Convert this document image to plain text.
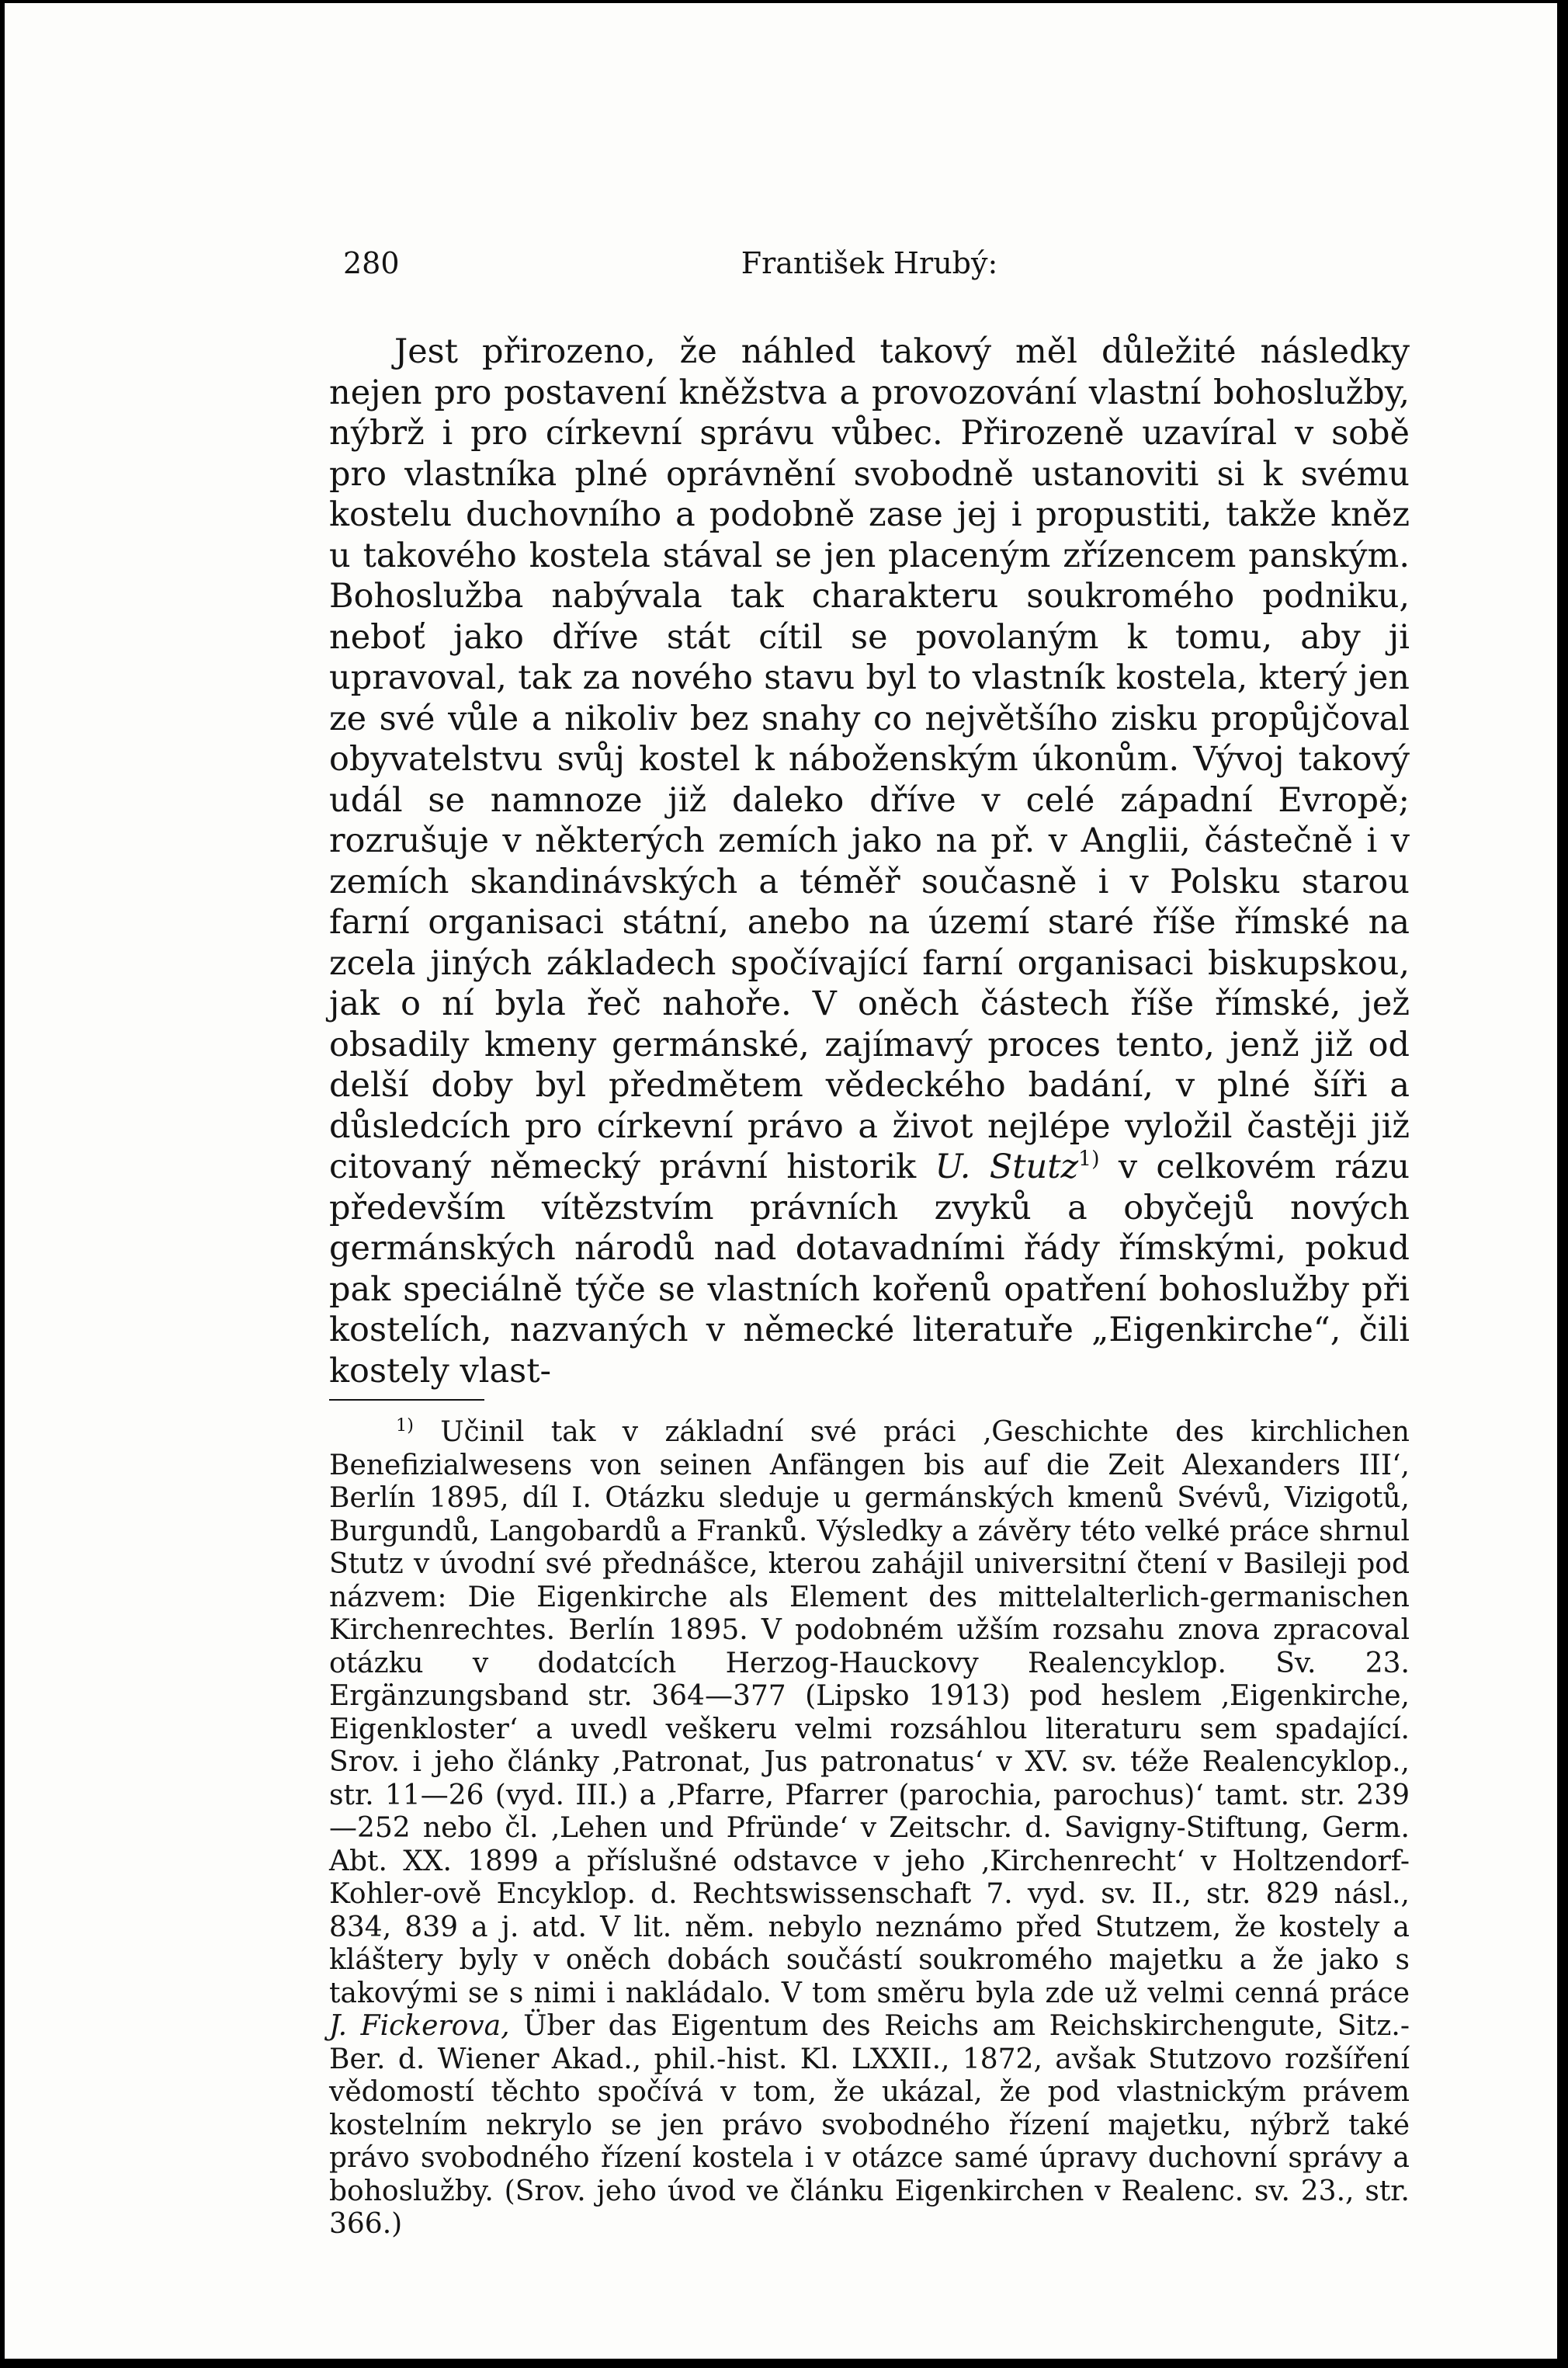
280	František Hrubý:

Jest přirozeno, že náhled takový měl důležité následky nejen pro postavení kněžstva a provozování vlastní bohoslužby, nýbrž i pro církevní správu vůbec. Přirozeně uzavíral v sobě pro vlastníka plné oprávnění svobodně ustanoviti si k svému kostelu duchovního a podobně zase jej i propustiti, takže kněz u takového kostela stával se jen placeným zřízencem panským. Bohoslužba nabývala tak charakteru soukromého podniku, neboť jako dříve stát cítil se povolaným k tomu, aby ji upravoval, tak za nového stavu byl to vlastník kostela, který jen ze své vůle a nikoliv bez snahy co největšího zisku propůjčoval obyvatelstvu svůj kostel k náboženským úkonům. Vývoj takový udál se namnoze již daleko dříve v celé západní Evropě; rozrušuje v některých zemích jako na př. v Anglii, částečně i v zemích skandinávských a téměř současně i v Polsku starou farní organisaci státní, anebo na území staré říše římské na zcela jiných základech spočívající farní organisaci biskupskou, jak o ní byla řeč nahoře. V oněch částech říše římské, jež obsadily kmeny germánské, zajímavý proces tento, jenž již od delší doby byl předmětem vědeckého badání, v plné šíři a důsledcích pro církevní právo a život nejlépe vyložil častěji již citovaný německý právní historik U. Stutz$^{1)}$ v celkovém rázu především vítězstvím právních zvyků a obyčejů nových germánských národů nad dotavadními řády římskými, pokud pak speciálně týče se vlastních kořenů opatření bohoslužby při kostelích, nazvaných v německé literatuře „Eigenkirche“, čili kostely vlast-

$^{1)}$ Učinil tak v základní své práci ‚Geschichte des kirchlichen Benefizialwesens von seinen Anfängen bis auf die Zeit Alexanders III‘, Berlín 1895, díl I. Otázku sleduje u germánských kmenů Svévů, Vizigotů, Burgundů, Langobardů a Franků. Výsledky a závěry této velké práce shrnul Stutz v úvodní své přednášce, kterou zahájil universitní čtení v Basileji pod názvem: Die Eigenkirche als Element des mittelalterlich-germanischen Kirchenrechtes. Berlín 1895. V podobném užším rozsahu znova zpracoval otázku v dodatcích Herzog-Hauckovy Realencyklop. Sv. 23. Ergänzungsband str. 364—377 (Lipsko 1913) pod heslem ‚Eigenkirche, Eigenkloster‘ a uvedl veškeru velmi rozsáhlou literaturu sem spadající. Srov. i jeho články ‚Patronat, Jus patronatus‘ v XV. sv. téže Realencyklop., str. 11—26 (vyd. III.) a ‚Pfarre, Pfarrer (parochia, parochus)‘ tamt. str. 239—252 nebo čl. ‚Lehen und Pfründe‘ v Zeitschr. d. Savigny-Stiftung, Germ. Abt. XX. 1899 a příslušné odstavce v jeho ‚Kirchenrecht‘ v Holtzendorf-Kohler-ově Encyklop. d. Rechtswissenschaft 7. vyd. sv. II., str. 829 násl., 834, 839 a j. atd. V lit. něm. nebylo neznámo před Stutzem, že kostely a kláštery byly v oněch dobách součástí soukromého majetku a že jako s takovými se s nimi i nakládalo. V tom směru byla zde už velmi cenná práce J. Fickerova, Über das Eigentum des Reichs am Reichskirchengute, Sitz.-Ber. d. Wiener Akad., phil.-hist. Kl. LXXII., 1872, avšak Stutzovo rozšíření vědomostí těchto spočívá v tom, že ukázal, že pod vlastnickým právem kostelním nekrylo se jen právo svobodného řízení majetku, nýbrž také právo svobodného řízení kostela i v otázce samé úpravy duchovní správy a bohoslužby. (Srov. jeho úvod ve článku Eigenkirchen v Realenc. sv. 23., str. 366.)
